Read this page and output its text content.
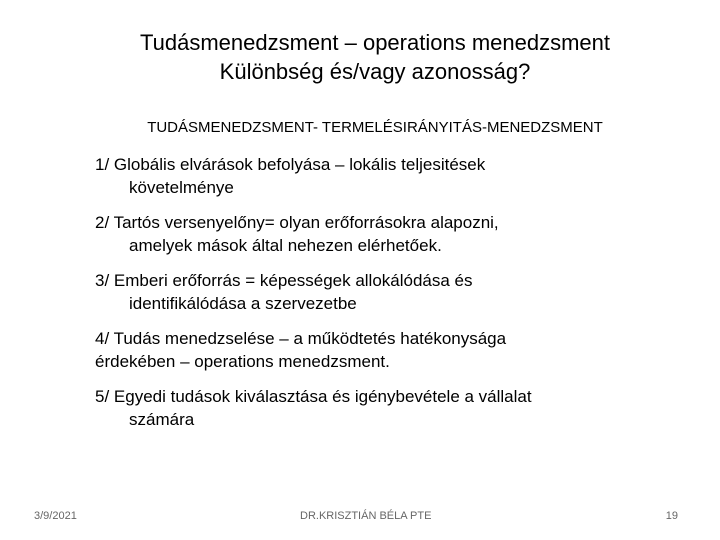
Tudásmenedzsment – operations menedzsment
Különbség és/vagy azonosság?
TUDÁSMENEDZSMENT- TERMELÉSIRÁNYITÁS-MENEDZSMENT
1/ Globális elvárások befolyása – lokális teljesitések
követelménye
2/ Tartós versenyelőny= olyan erőforrásokra alapozni,
amelyek mások által nehezen elérhetőek.
3/ Emberi erőforrás = képességek allokálódása és
identifikálódása a szervezetbe
4/ Tudás menedzselése – a működtetés hatékonysága
érdekében – operations menedzsment.
5/ Egyedi tudások kiválasztása és igénybevétele a vállalat
számára
3/9/2021	DR.KRISZTIÁN BÉLA PTE	19
